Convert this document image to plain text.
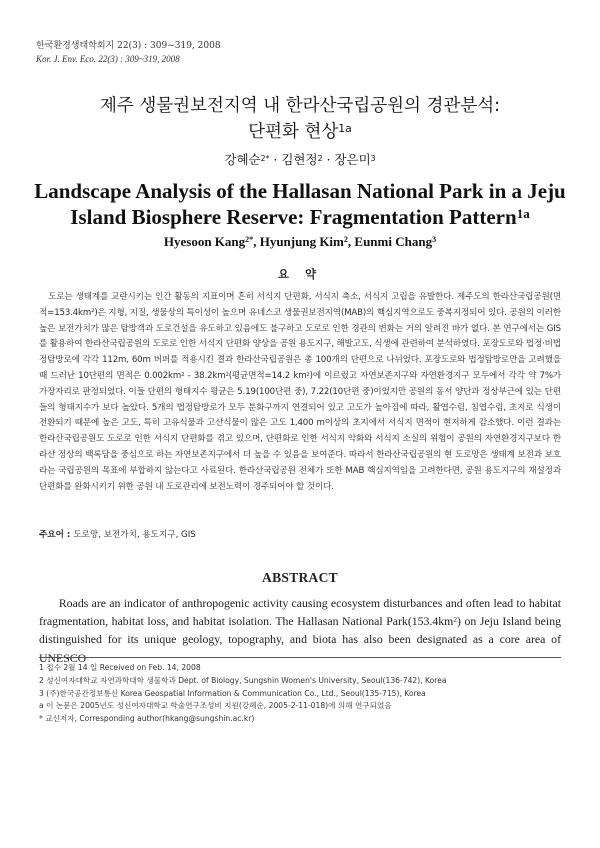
한국환경생태학회지 22(3) : 309~319, 2008
Kor. J. Env. Eco. 22(3) : 309~319, 2008
제주 생물권보전지역 내 한라산국립공원의 경관분석:
단편화 현상$^{1a}$
강혜순$^{2*}$ · 김현정$^2$ · 장은미$^3$
Landscape Analysis of the Hallasan National Park in a Jeju
Island Biosphere Reserve: Fragmentation Pattern$^{1a}$
Hyesoon Kang$^{2*}$, Hyunjung Kim$^2$, Eunmi Chang$^3$
요 약
도로는 생태계를 교란시키는 인간 활동의 지표이며 흔히 서식지 단편화, 서식지 축소, 서식지 고립을 유발한다. 제주도의 한라산국립공원(면적$=153.4km^2$)은 지형, 지질, 생물상의 특이성이 높으며 유네스코 생물권보전지역(MAB)의 핵심지역으로도 중복지정되어 있다. 공원의 이러한 높은 보전가치가 많은 탐방객과 도로건설을 유도하고 있음에도 불구하고 도로로 인한 경관의 변화는 거의 알려진 바가 없다. 본 연구에서는 GIS를 활용하여 한라산국립공원의 도로로 인한 서식지 단편화 양상을 공원 용도지구, 해발고도, 식생에 관련하여 분석하였다. 포장도로와 법정·비법정탐방로에 각각 112m, 60m 버퍼를 적용시킨 결과 한라산국립공원은 총 100개의 단편으로 나뉘었다. 포장도로와 법정탐방로만을 고려했을 때 드러난 10단편의 면적은 $0.002km^2 - 38.2km^2$(평균면적=14.2 $km^2$)에 이르렀고 자연보존지구와 자연환경지구 모두에서 각각 약 7%가 가장자리로 판정되었다. 이들 단편의 형태지수 평균은 5.19(100단편 중), 7.22(10단편 중)이었지만 공원의 동서 양단과 정상부근에 있는 단편들의 형태지수가 보다 높았다. 5개의 법정탐방로가 모두 분화구까지 연결되어 있고 고도가 높아짐에 따라, 활엽수림, 침엽수림, 초지로 식생이 전환되기 때문에 높은 고도, 특히 고유식물과 고산식물이 많은 고도 1,400 m이상의 초지에서 서식지 면적이 현저하게 감소했다. 이런 결과는 한라산국립공원도 도로로 인한 서식지 단편화를 겪고 있으며, 단편화로 인한 서식지 악화와 서식지 소실의 위험이 공원의 자연환경지구보다 한라산 정상의 백록담을 중심으로 하는 자연보존지구에서 더 높을 수 있음을 보여준다. 따라서 한라산국립공원의 현 도로망은 생태계 보전과 보호라는 국립공원의 목표에 부합하지 않는다고 사료된다. 한라산국립공원 전체가 또한 MAB 핵심지역임을 고려한다면, 공원 용도지구의 재설정과 단편화를 완화시키기 위한 공원 내 도로관리에 보전노력이 경주되어야 할 것이다.
주요어 : 도로망, 보전가치, 용도지구, GIS
ABSTRACT
Roads are an indicator of anthropogenic activity causing ecosystem disturbances and often lead to habitat fragmentation, habitat loss, and habitat isolation. The Hallasan National $Park(153.4km^2)$ on Jeju Island being distinguished for its unique geology, topography, and biota has also been designated as a core area of UNESCO
1 접수 2월 14 일 Received on Feb. 14, 2008
2 성신여자대학교 자연과학대학 생물학과 Dept. of Biology, Sungshin Women's University, Seoul(136-742), Korea
3 (주)한국공간정보통신 Korea Geospatial Information & Communication Co., Ltd., Seoul(135-715), Korea
a 이 논문은 2005년도 성신여자대학교 학술연구조성비 지원(강혜순, 2005-2-11-018)에 의해 연구되었음
* 교신저자, Corresponding author(hkang@sungshin.ac.kr)
